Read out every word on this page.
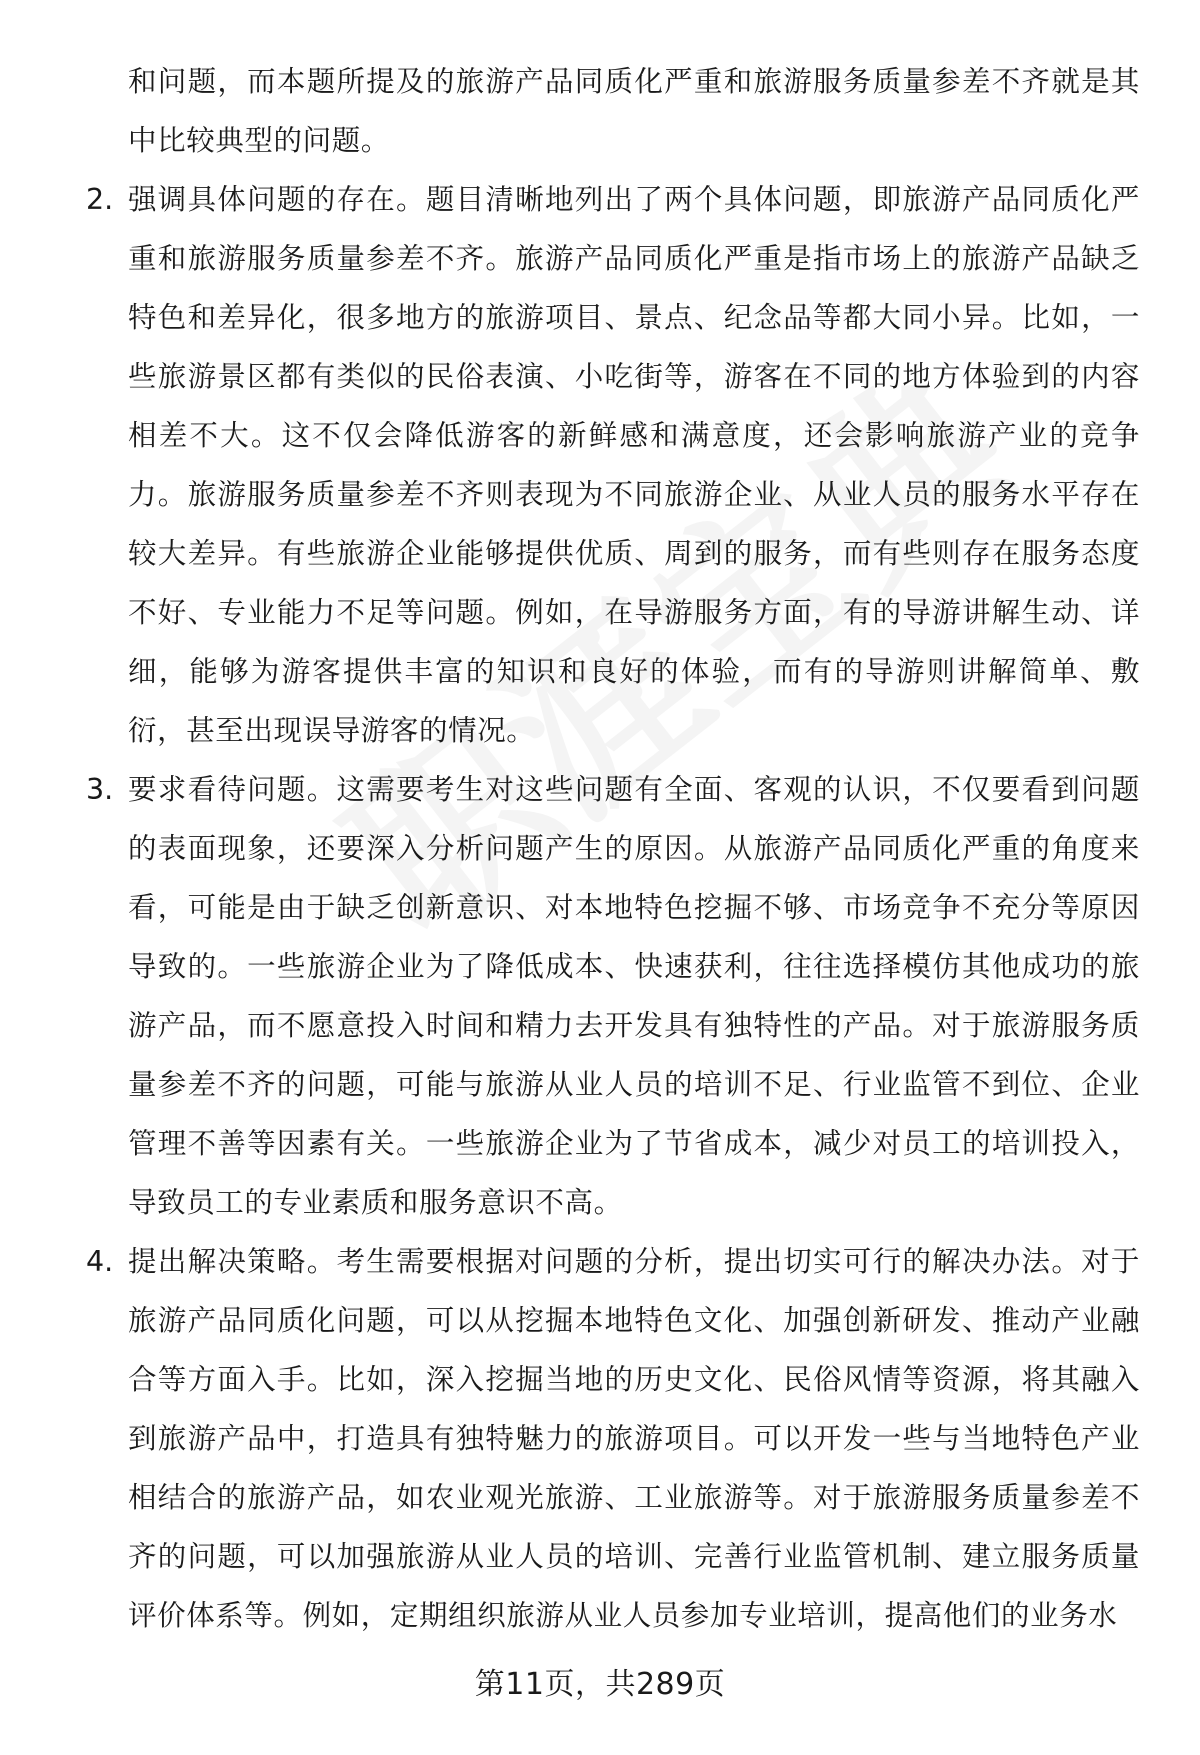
和问题，而本题所提及的旅游产品同质化严重和旅游服务质量参差不齐就是其中比较典型的问题。

2. 强调具体问题的存在。题目清晰地列出了两个具体问题，即旅游产品同质化严重和旅游服务质量参差不齐。旅游产品同质化严重是指市场上的旅游产品缺乏特色和差异化，很多地方的旅游项目、景点、纪念品等都大同小异。比如，一些旅游景区都有类似的民俗表演、小吃街等，游客在不同的地方体验到的内容相差不大。这不仅会降低游客的新鲜感和满意度，还会影响旅游产业的竞争力。旅游服务质量参差不齐则表现为不同旅游企业、从业人员的服务水平存在较大差异。有些旅游企业能够提供优质、周到的服务，而有些则存在服务态度不好、专业能力不足等问题。例如，在导游服务方面，有的导游讲解生动、详细，能够为游客提供丰富的知识和良好的体验，而有的导游则讲解简单、敷衍，甚至出现误导游客的情况。

3. 要求看待问题。这需要考生对这些问题有全面、客观的认识，不仅要看到问题的表面现象，还要深入分析问题产生的原因。从旅游产品同质化严重的角度来看，可能是由于缺乏创新意识、对本地特色挖掘不够、市场竞争不充分等原因导致的。一些旅游企业为了降低成本、快速获利，往往选择模仿其他成功的旅游产品，而不愿意投入时间和精力去开发具有独特性的产品。对于旅游服务质量参差不齐的问题，可能与旅游从业人员的培训不足、行业监管不到位、企业管理不善等因素有关。一些旅游企业为了节省成本，减少对员工的培训投入，导致员工的专业素质和服务意识不高。

4. 提出解决策略。考生需要根据对问题的分析，提出切实可行的解决办法。对于旅游产品同质化问题，可以从挖掘本地特色文化、加强创新研发、推动产业融合等方面入手。比如，深入挖掘当地的历史文化、民俗风情等资源，将其融入到旅游产品中，打造具有独特魅力的旅游项目。可以开发一些与当地特色产业相结合的旅游产品，如农业观光旅游、工业旅游等。对于旅游服务质量参差不齐的问题，可以加强旅游从业人员的培训、完善行业监管机制、建立服务质量评价体系等。例如，定期组织旅游从业人员参加专业培训，提高他们的业务水

第11页，共289页
